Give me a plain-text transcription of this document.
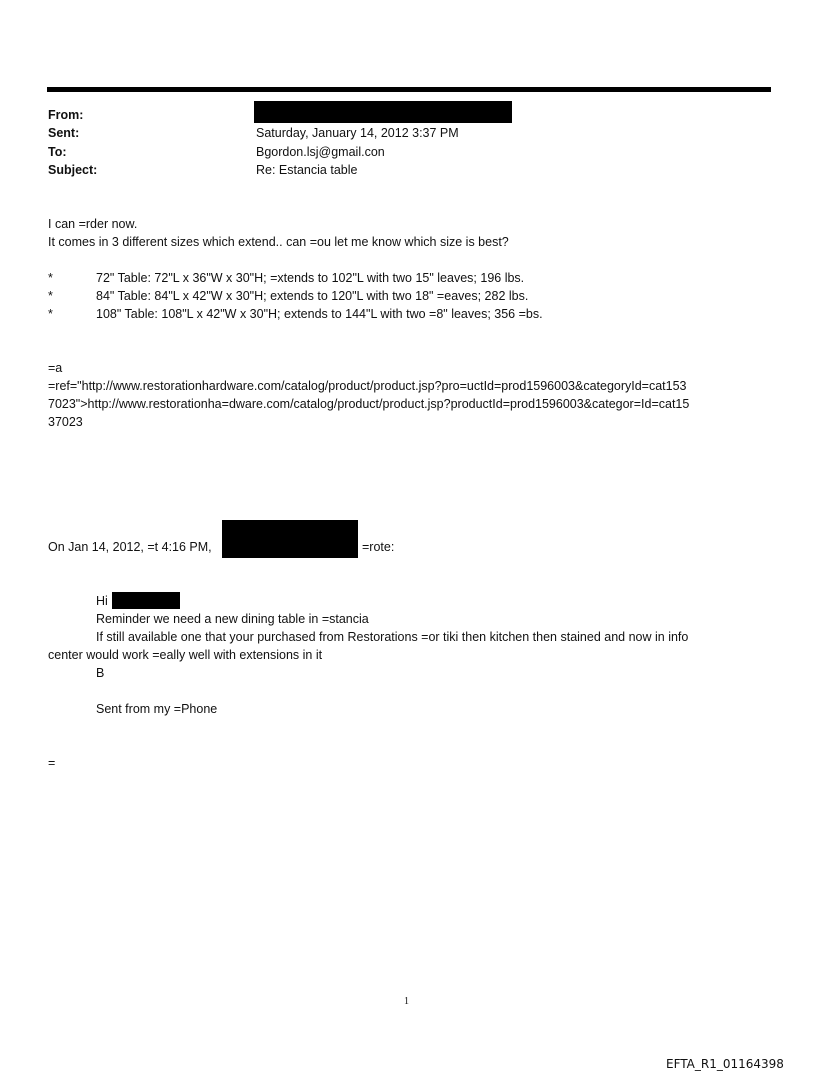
From:
Sent:	Saturday, January 14, 2012 3:37 PM
To:	Bgordon.lsj@gmail.con
Subject:	Re: Estancia table
I can =rder now.
It comes in 3 different sizes which extend.. can =ou let me know which size is best?
*	72" Table: 72"L x 36"W x 30"H; =xtends to 102"L with two 15" leaves; 196 lbs.
*	84" Table: 84"L x 42"W x 30"H; extends to 120"L with two 18" =eaves; 282 lbs.
*	108" Table: 108"L x 42"W x 30"H; extends to 144"L with two =8" leaves; 356 =bs.
=a
=ref="http://www.restorationhardware.com/catalog/product/product.jsp?pro=uctId=prod1596003&categoryId=cat153
7023">http://www.restorationha=dware.com/catalog/product/product.jsp?productId=prod1596003&categor=Id=cat15
37023
On Jan 14, 2012, =t 4:16 PM,	=rote:
Hi
Reminder we need a new dining table in =stancia
If still available one that your purchased from Restorations =or tiki then kitchen then stained and now in info
center would work =eally well with extensions in it
B
Sent from my =Phone
=
1
EFTA_R1_01164398
